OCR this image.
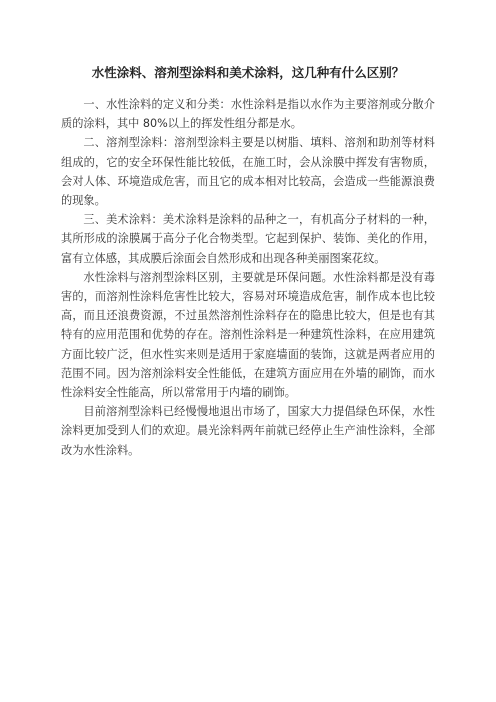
水性涂料、溶剂型涂料和美术涂料，这几种有什么区别？

一、水性涂料的定义和分类：水性涂料是指以水作为主要溶剂或分散介质的涂料，其中 80%以上的挥发性组分都是水。

二、溶剂型涂料：溶剂型涂料主要是以树脂、填料、溶剂和助剂等材料组成的，它的安全环保性能比较低，在施工时，会从涂膜中挥发有害物质，会对人体、环境造成危害，而且它的成本相对比较高，会造成一些能源浪费的现象。

三、美术涂料：美术涂料是涂料的品种之一，有机高分子材料的一种，其所形成的涂膜属于高分子化合物类型。它起到保护、装饰、美化的作用，富有立体感，其成膜后涂面会自然形成和出现各种美丽图案花纹。

水性涂料与溶剂型涂料区别，主要就是环保问题。水性涂料都是没有毒害的，而溶剂性涂料危害性比较大，容易对环境造成危害，制作成本也比较高，而且还浪费资源，不过虽然溶剂性涂料存在的隐患比较大，但是也有其特有的应用范围和优势的存在。溶剂性涂料是一种建筑性涂料，在应用建筑方面比较广泛，但水性实来则是适用于家庭墙面的装饰，这就是两者应用的范围不同。因为溶剂涂料安全性能低，在建筑方面应用在外墙的刷饰，而水性涂料安全性能高，所以常常用于内墙的刷饰。

目前溶剂型涂料已经慢慢地退出市场了，国家大力提倡绿色环保，水性涂料更加受到人们的欢迎。晨光涂料两年前就已经停止生产油性涂料，全部改为水性涂料。
